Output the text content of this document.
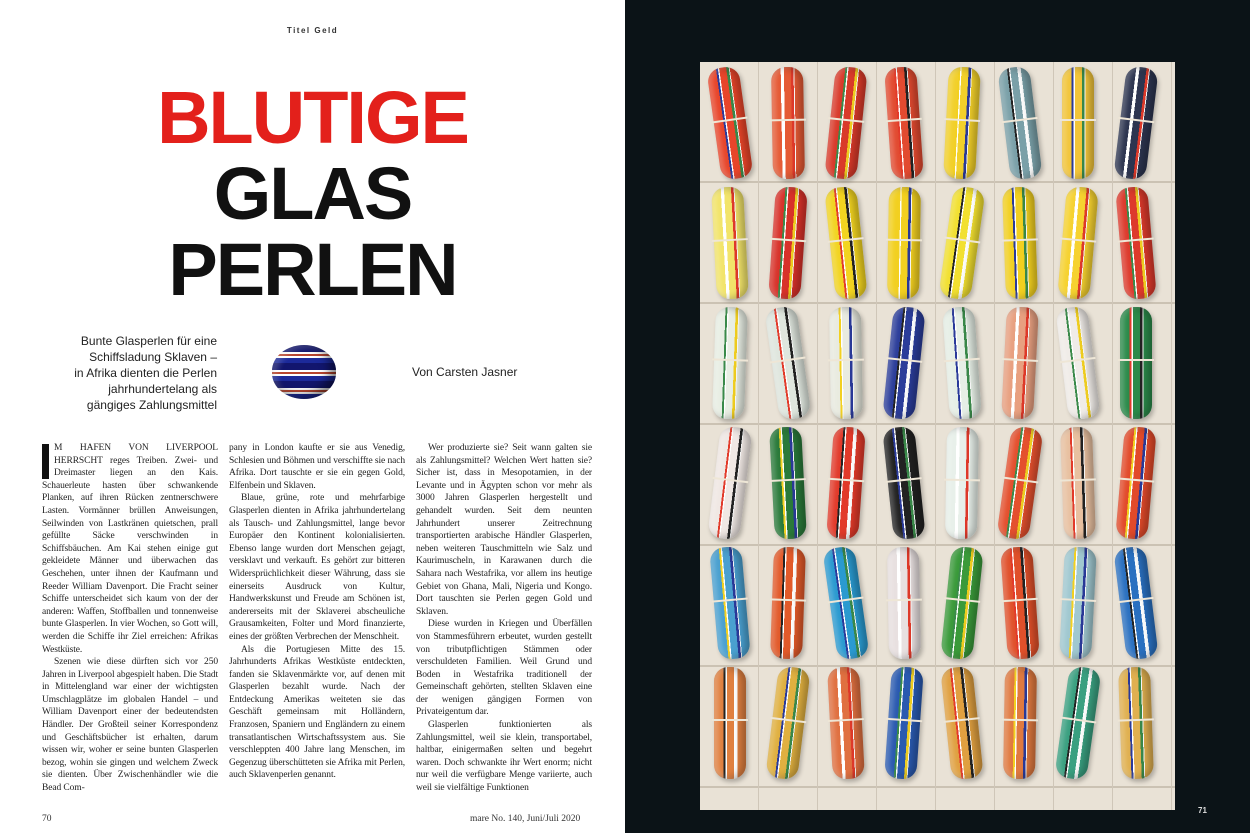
Titel Geld
BLUTIGE
GLAS
PERLEN
Bunte Glasperlen für eine
Schiffsladung Sklaven –
in Afrika dienten die Perlen
jahrhundertelang als
gängiges Zahlungsmittel
Von Carsten Jasner

M HAFEN VON LIVERPOOL HERRSCHT reges Treiben. Zwei- und Dreimaster liegen an den Kais. Schauerleute hasten über schwankende Planken, auf ihren Rücken zentnerschwere Lasten. Vormänner brüllen Anweisungen, Seilwinden von Lastkränen quietschen, prall gefüllte Säcke verschwinden in Schiffsbäuchen. Am Kai stehen einige gut gekleidete Männer und überwachen das Geschehen, unter ihnen der Kaufmann und Reeder William Davenport. Die Fracht seiner Schiffe unterscheidet sich kaum von der der anderen: Waffen, Stoffballen und tonnenweise bunte Glasperlen. In vier Wochen, so Gott will, werden die Schiffe ihr Ziel erreichen: Afrikas Westküste.

Szenen wie diese dürften sich vor 250 Jahren in Liverpool abgespielt haben. Die Stadt in Mittelengland war einer der wichtigsten Umschlagplätze im globalen Handel – und William Davenport einer der bedeutendsten Händler. Der Großteil seiner Korrespondenz und Geschäftsbücher ist erhalten, darum wissen wir, woher er seine bunten Glasperlen bezog, wohin sie gingen und welchem Zweck sie dienten. Über Zwischenhändler wie die Bead Com-

pany in London kaufte er sie aus Venedig, Schlesien und Böhmen und verschiffte sie nach Afrika. Dort tauschte er sie ein gegen Gold, Elfenbein und Sklaven.

Blaue, grüne, rote und mehrfarbige Glasperlen dienten in Afrika jahrhundertelang als Tausch- und Zahlungsmittel, lange bevor Europäer den Kontinent kolonialisierten. Ebenso lange wurden dort Menschen gejagt, versklavt und verkauft. Es gehört zur bitteren Widersprüchlichkeit dieser Währung, dass sie einerseits Ausdruck von Kultur, Handwerkskunst und Freude am Schönen ist, andererseits mit der Sklaverei abscheuliche Grausamkeiten, Folter und Mord finanzierte, eines der größten Verbrechen der Menschheit.

Als die Portugiesen Mitte des 15. Jahrhunderts Afrikas Westküste entdeckten, fanden sie Sklavenmärkte vor, auf denen mit Glasperlen bezahlt wurde. Nach der Entdeckung Amerikas weiteten sie das Geschäft gemeinsam mit Holländern, Franzosen, Spaniern und Engländern zu einem transatlantischen Wirtschaftssystem aus. Sie verschleppten 400 Jahre lang Menschen, im Gegenzug überschütteten sie Afrika mit Perlen, auch Sklavenperlen genannt.

Wer produzierte sie? Seit wann galten sie als Zahlungsmittel? Welchen Wert hatten sie? Sicher ist, dass in Mesopotamien, in der Levante und in Ägypten schon vor mehr als 3000 Jahren Glasperlen hergestellt und gehandelt wurden. Seit dem neunten Jahrhundert unserer Zeitrechnung transportierten arabische Händler Glasperlen, neben weiteren Tauschmitteln wie Salz und Kaurimuscheln, in Karawanen durch die Sahara nach Westafrika, vor allem ins heutige Gebiet von Ghana, Mali, Nigeria und Kongo. Dort tauschten sie Perlen gegen Gold und Sklaven.

Diese wurden in Kriegen und Überfällen von Stammesführern erbeutet, wurden gestellt von tributpflichtigen Stämmen oder verschuldeten Familien. Weil Grund und Boden in Westafrika traditionell der Gemeinschaft gehörten, stellten Sklaven eine der wenigen gängigen Formen von Privateigentum dar.

Glasperlen funktionierten als Zahlungsmittel, weil sie klein, transportabel, haltbar, einigermaßen selten und begehrt waren. Doch schwankte ihr Wert enorm; nicht nur weil die verfügbare Menge variierte, auch weil sie vielfältige Funktionen

70	mare No. 140, Juni/Juli 2020
71
